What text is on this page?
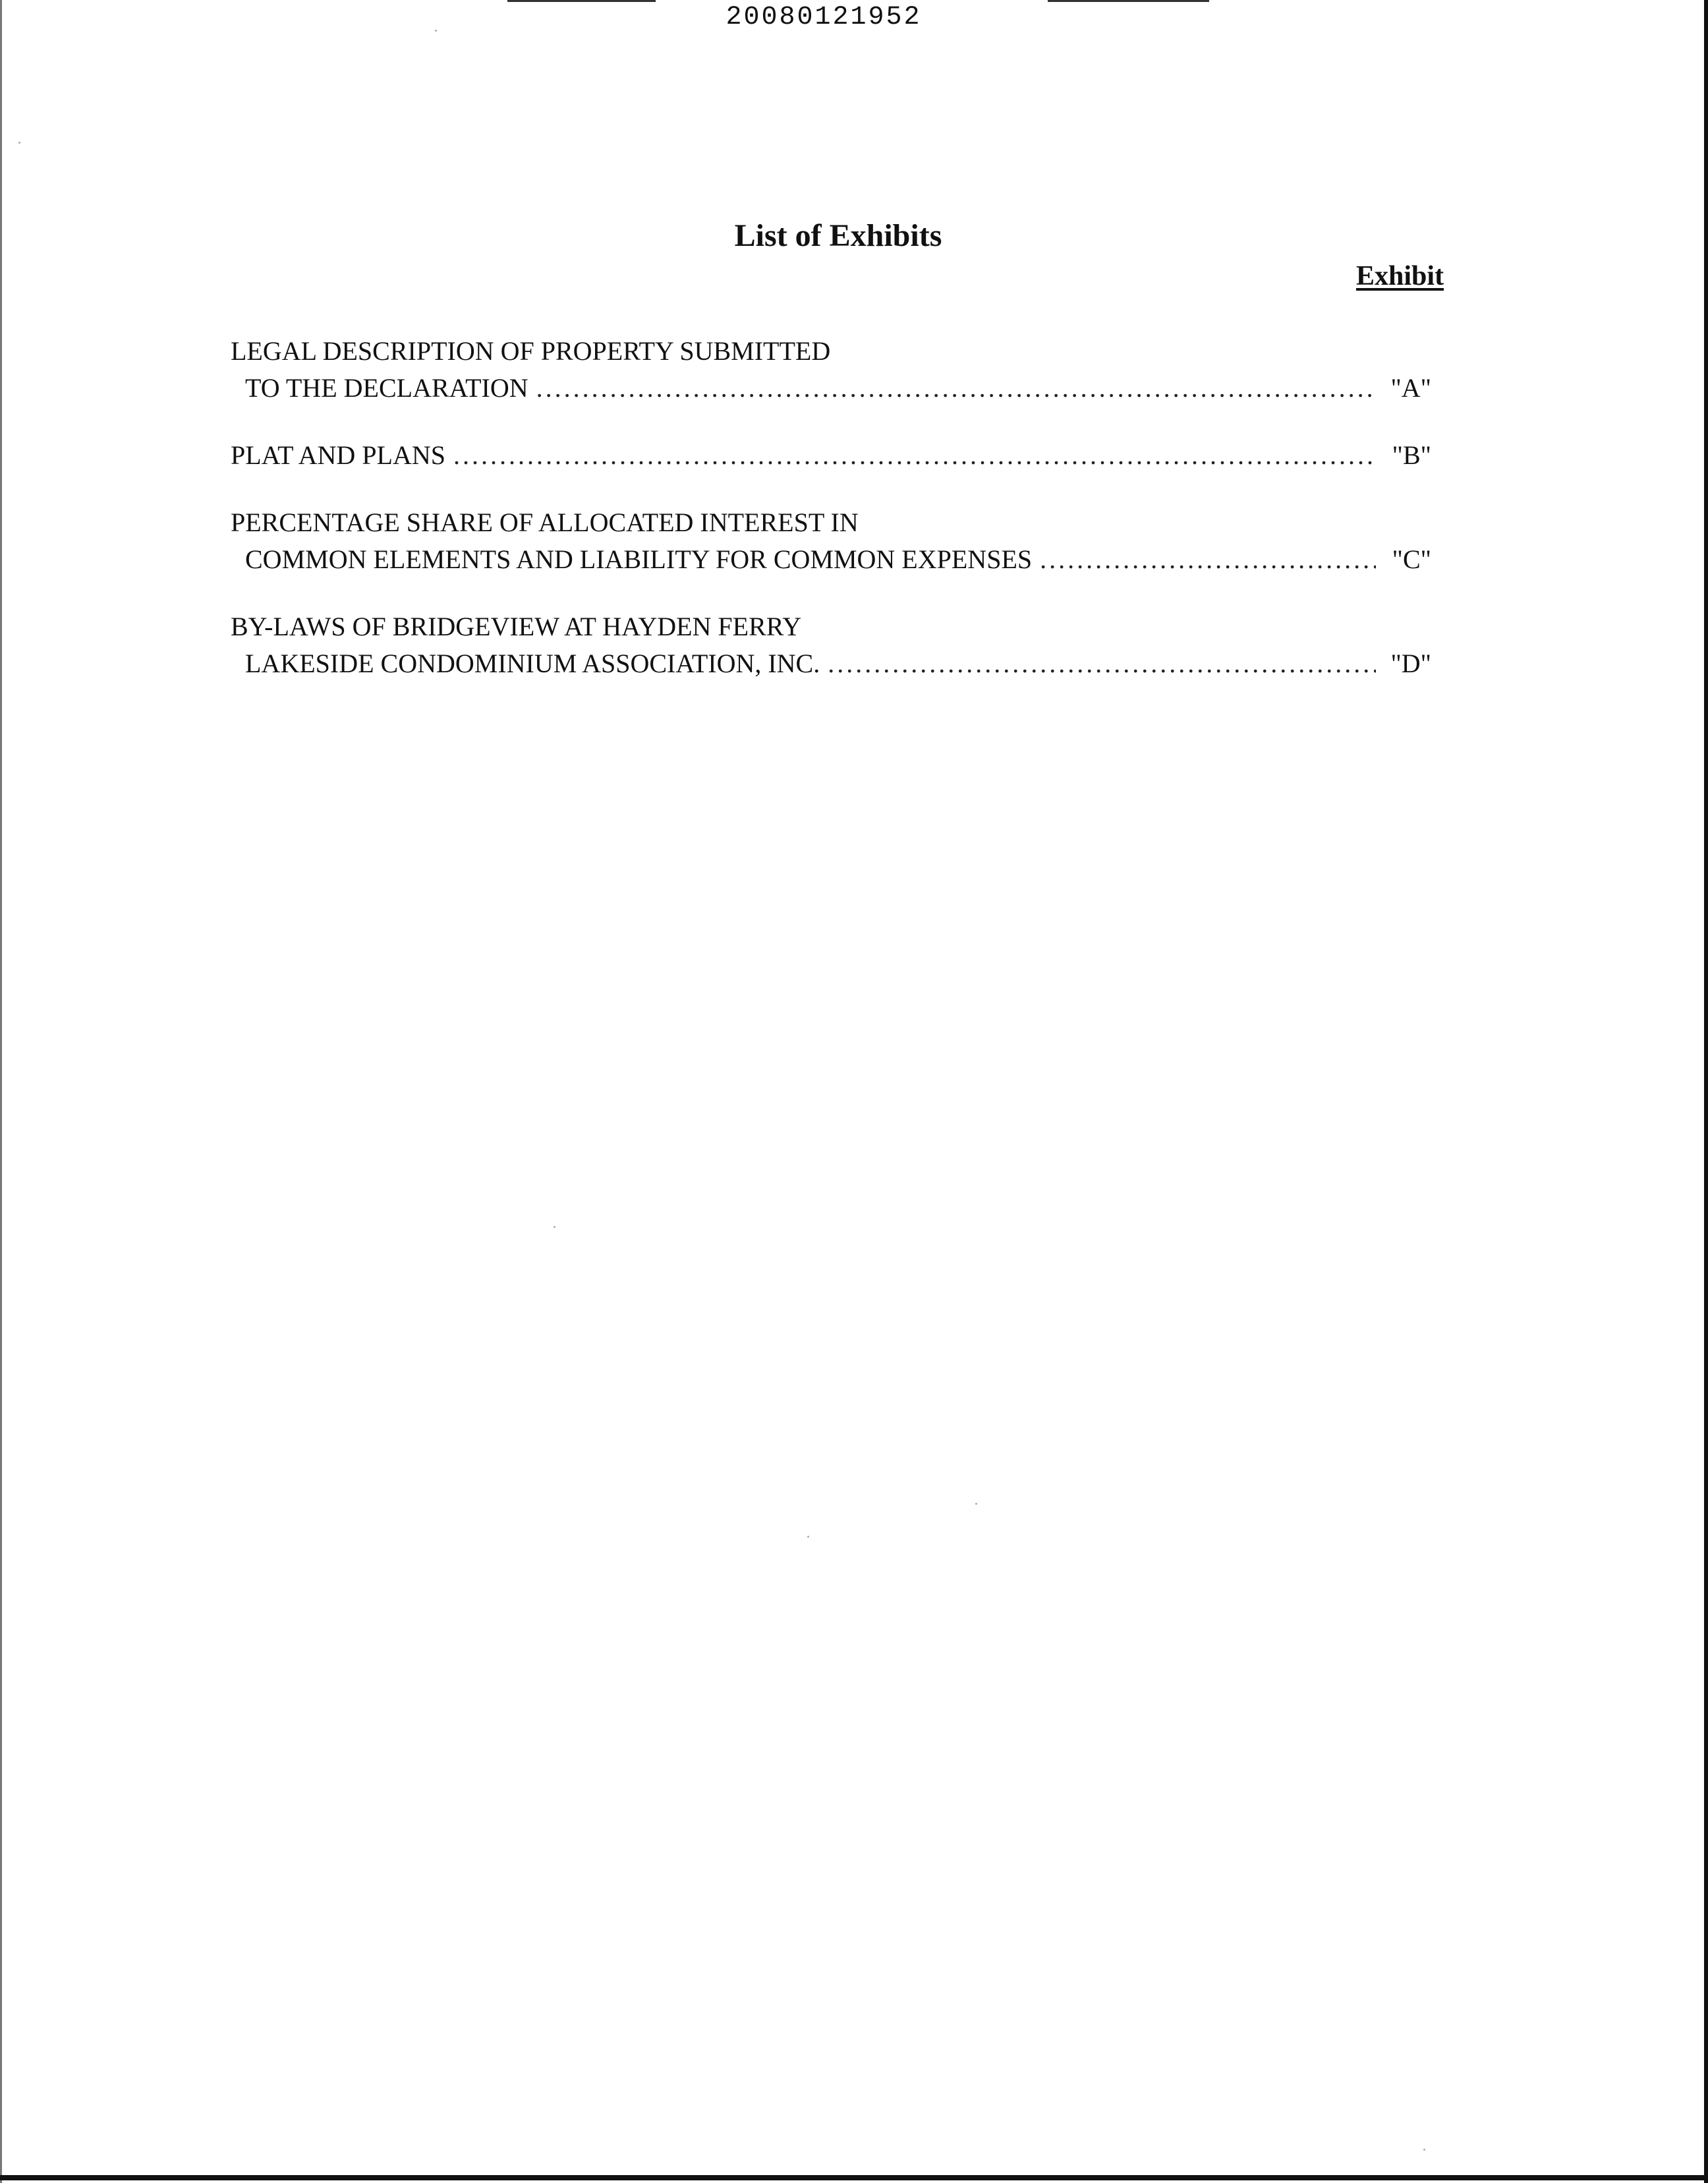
20080121952
List of Exhibits
Exhibit
LEGAL DESCRIPTION OF PROPERTY SUBMITTED
TO THE DECLARATION .....	"A"
PLAT AND PLANS .....	"B"
PERCENTAGE SHARE OF ALLOCATED INTEREST IN
COMMON ELEMENTS AND LIABILITY FOR COMMON EXPENSES .....	"C"
BY-LAWS OF BRIDGEVIEW AT HAYDEN FERRY
LAKESIDE CONDOMINIUM ASSOCIATION, INC. .....	"D"
